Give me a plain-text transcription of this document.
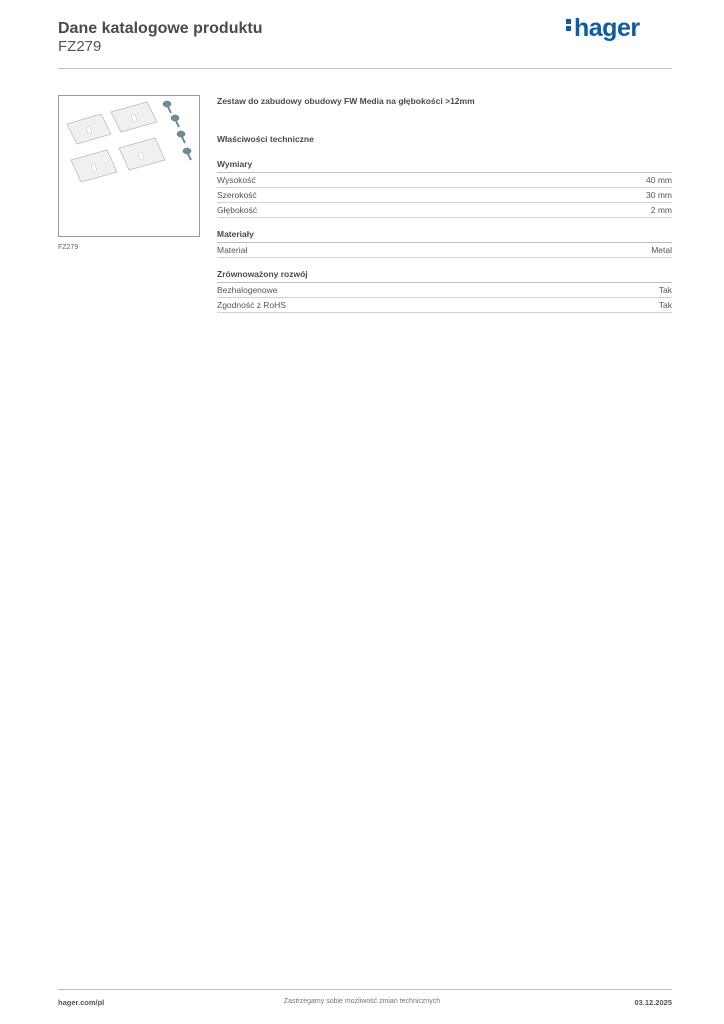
Dane katalogowe produktu
FZ279
hager
FZ279
Zestaw do zabudowy obudowy FW Media na głębokości >12mm
Właściwości techniczne
Wymiary
Wysokość	40 mm
Szerokość	30 mm
Głębokość	2 mm
Materiały
Materiał	Metal
Zrównoważony rozwój
Bezhalogenowe	Tak
Zgodność z RoHS	Tak
hager.com/pl	Zastrzegamy sobie możliwość zmian technicznych	03.12.2025
